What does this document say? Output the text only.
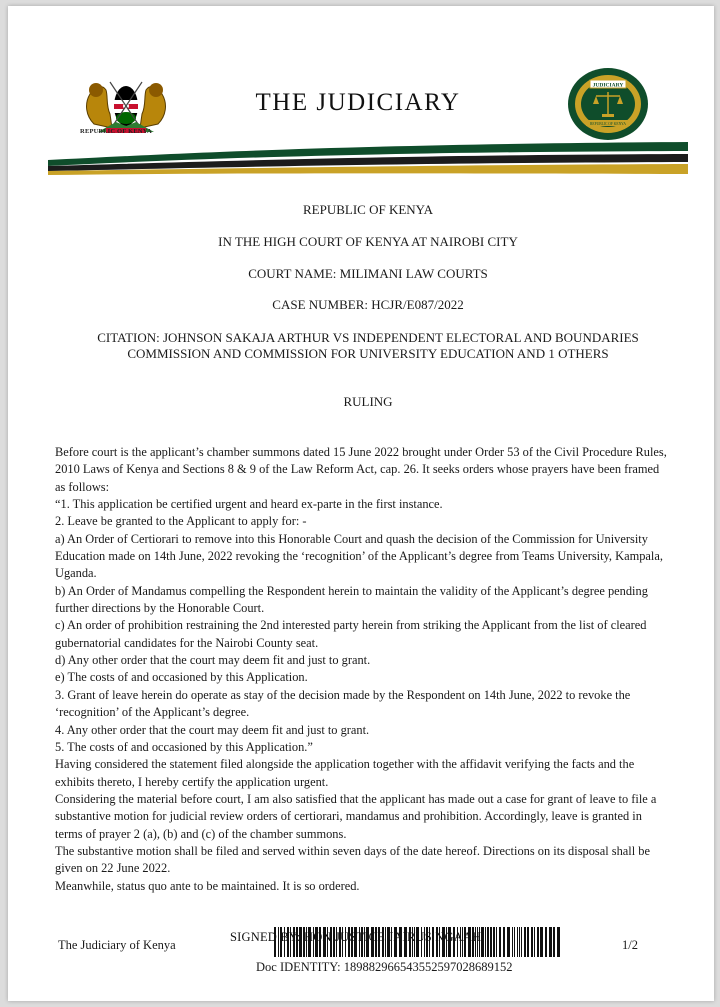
REPUBLIC OF KENYA
THE JUDICIARY
JUDICIARY
REPUBLIC OF KENYA
REPUBLIC OF KENYA
IN THE HIGH COURT OF KENYA AT NAIROBI CITY
COURT NAME: MILIMANI LAW COURTS
CASE NUMBER: HCJR/E087/2022
CITATION: JOHNSON SAKAJA ARTHUR VS INDEPENDENT ELECTORAL AND BOUNDARIES
COMMISSION AND COMMISSION FOR UNIVERSITY EDUCATION AND 1 OTHERS
RULING

Before court is the applicant’s chamber summons dated 15 June 2022 brought under Order 53 of the Civil Procedure Rules, 2010 Laws of Kenya and Sections 8 & 9 of the Law Reform Act, cap. 26. It seeks orders whose prayers have been framed as follows:

“1. This application be certified urgent and heard ex-parte in the first instance.

2. Leave be granted to the Applicant to apply for: -

a) An Order of Certiorari to remove into this Honorable Court and quash the decision of the Commission for University Education made on 14th June, 2022 revoking the ‘recognition’ of the Applicant’s degree from Teams University, Kampala, Uganda.

b) An Order of Mandamus compelling the Respondent herein to maintain the validity of the Applicant’s degree pending further directions by the Honorable Court.

c) An order of prohibition restraining the 2nd interested party herein from striking the Applicant from the list of cleared gubernatorial candidates for the Nairobi County seat.

d) Any other order that the court may deem fit and just to grant.

e) The costs of and occasioned by this Application.

3. Grant of leave herein do operate as stay of the decision made by the Respondent on 14th June, 2022 to revoke the ‘recognition’ of the Applicant’s degree.

4. Any other order that the court may deem fit and just to grant.

5. The costs of and occasioned by this Application.”

Having considered the statement filed alongside the application together with the affidavit verifying the facts and the exhibits thereto, I hereby certify the application urgent.

Considering the material before court, I am also satisfied that the applicant has made out a case for grant of leave to file a substantive motion for judicial review orders of certiorari, mandamus and prohibition. Accordingly, leave is granted in terms of prayer 2 (a), (b) and (c) of the chamber summons.

The substantive motion shall be filed and served within seven days of the date hereof. Directions on its disposal shall be given on 22 June 2022.

Meanwhile, status quo ante to be maintained. It is so ordered.

The Judiciary of Kenya
SIGNED BY: HON JUSTICE JAIRUS NGAAH
Doc IDENTITY: 18988296654355259702868915​2
1/2
